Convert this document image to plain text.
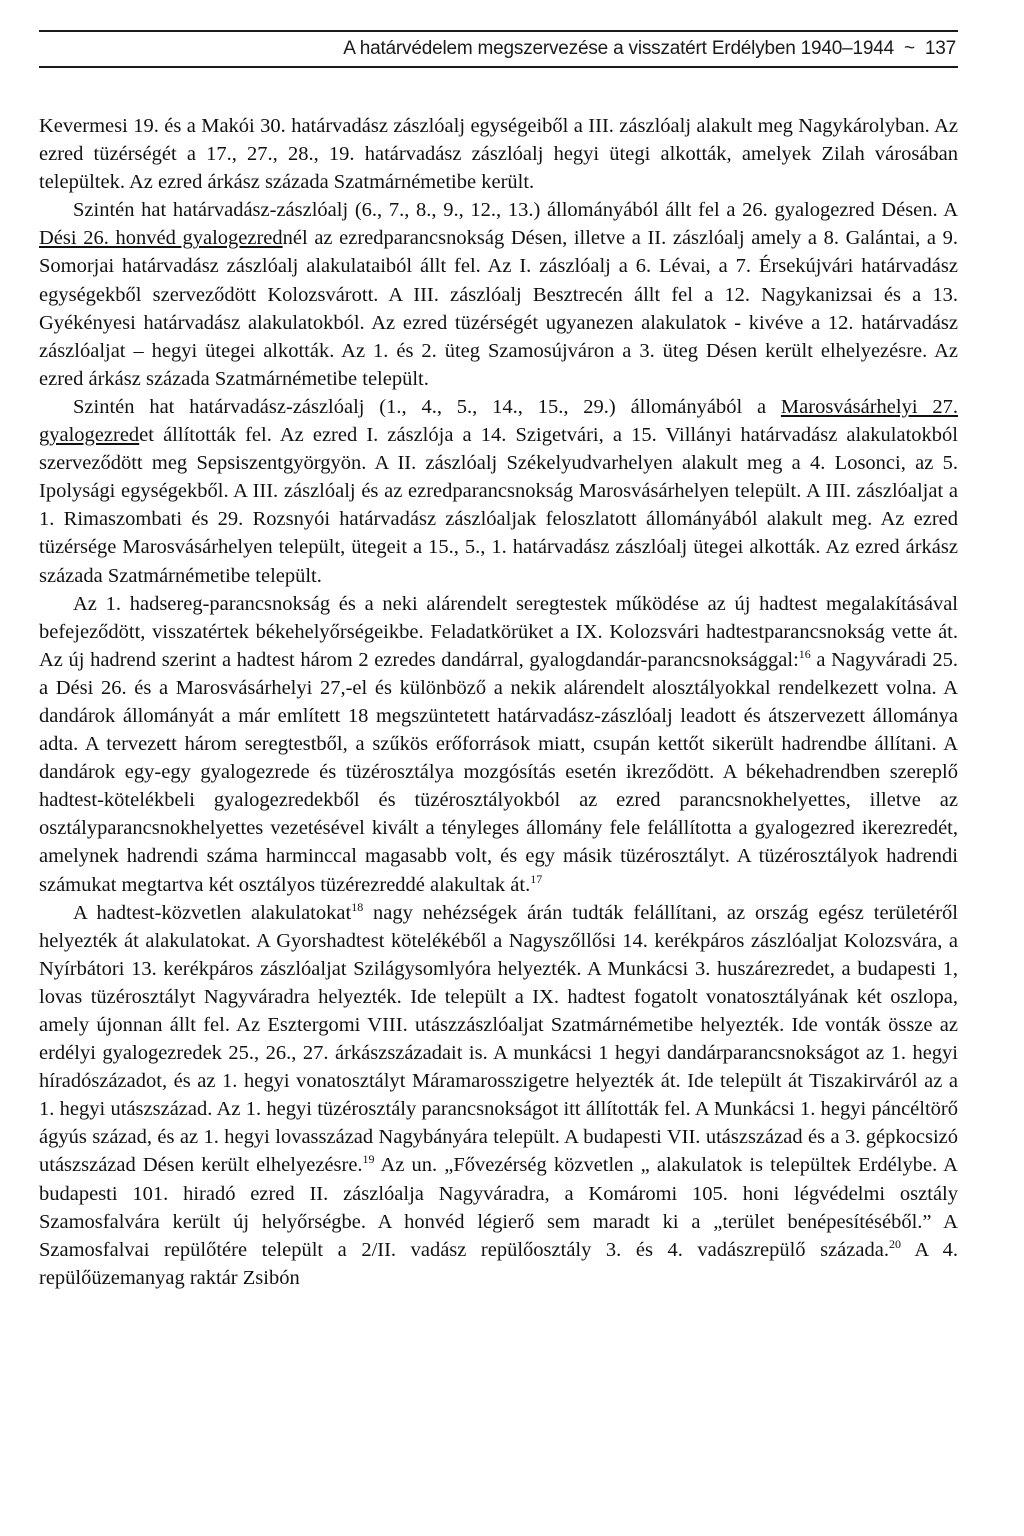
A határvédelem megszervezése a visszatért Erdélyben 1940–1944 ~ 137

Kevermesi 19. és a Makói 30. határvadász zászlóalj egységeiből a III. zászlóalj alakult meg Nagykárolyban. Az ezred tüzérségét a 17., 27., 28., 19. határvadász zászlóalj hegyi ütegi alkották, amelyek Zilah városában települtek. Az ezred árkász százada Szatmárnémetibe került.

Szintén hat határvadász-zászlóalj (6., 7., 8., 9., 12., 13.) állományából állt fel a 26. gyalogezred Désen. A Dési 26. honvéd gyalogezrednél az ezredparancsnokság Désen, illetve a II. zászlóalj amely a 8. Galántai, a 9. Somorjai határvadász zászlóalj alakulataiból állt fel. Az I. zászlóalj a 6. Lévai, a 7. Érsekújvári határvadász egységekből szerveződött Kolozsvárott. A III. zászlóalj Besztrecén állt fel a 12. Nagykanizsai és a 13. Gyékényesi határvadász alakulatokból. Az ezred tüzérségét ugyanezen alakulatok - kivéve a 12. határvadász zászlóaljat – hegyi ütegei alkották. Az 1. és 2. üteg Szamosújváron a 3. üteg Désen került elhelyezésre. Az ezred árkász százada Szatmárnémetibe települt.

Szintén hat határvadász-zászlóalj (1., 4., 5., 14., 15., 29.) állományából a Marosvásárhelyi 27. gyalogezredet állították fel. Az ezred I. zászlója a 14. Szigetvári, a 15. Villányi határvadász alakulatokból szerveződött meg Sepsiszentgyörgyön. A II. zászlóalj Székelyudvarhelyen alakult meg a 4. Losonci, az 5. Ipolysági egységekből. A III. zászlóalj és az ezredparancsnokság Marosvásárhelyen települt. A III. zászlóaljat a 1. Rimaszombati és 29. Rozsnyói határvadász zászlóaljak feloszlatott állományából alakult meg. Az ezred tüzérsége Marosvásárhelyen települt, ütegeit a 15., 5., 1. határvadász zászlóalj ütegei alkották. Az ezred árkász százada Szatmárnémetibe települt.

Az 1. hadsereg-parancsnokság és a neki alárendelt seregtestek működése az új hadtest megalakításával befejeződött, visszatértek békehelyőrségeikbe. Feladatkörüket a IX. Kolozsvári hadtestparancsnokság vette át. Az új hadrend szerint a hadtest három 2 ezredes dandárral, gyalogdandár-parancsnoksággal:$^{16}$ a Nagyváradi 25. a Dési 26. és a Marosvásárhelyi 27,-el és különböző a nekik alárendelt alosztályokkal rendelkezett volna. A dandárok állományát a már említett 18 megszüntetett határvadász-zászlóalj leadott és átszervezett állománya adta. A tervezett három seregtestből, a szűkös erőforrások miatt, csupán kettőt sikerült hadrendbe állítani. A dandárok egy-egy gyalogezrede és tüzérosztálya mozgósítás esetén ikreződött. A békehadrendben szereplő hadtest-kötelékbeli gyalogezredekből és tüzérosztályokból az ezred parancsnokhelyettes, illetve az osztályparancsnokhelyettes vezetésével kivált a tényleges állomány fele felállította a gyalogezred ikerezredét, amelynek hadrendi száma harminccal magasabb volt, és egy másik tüzérosztályt. A tüzérosztályok hadrendi számukat megtartva két osztályos tüzérezreddé alakultak át.$^{17}$

A hadtest-közvetlen alakulatokat$^{18}$ nagy nehézségek árán tudták felállítani, az ország egész területéről helyezték át alakulatokat. A Gyorshadtest kötelékéből a Nagyszőllősi 14. kerékpáros zászlóaljat Kolozsvára, a Nyírbátori 13. kerékpáros zászlóaljat Szilágysomlyóra helyezték. A Munkácsi 3. huszárezredet, a budapesti 1, lovas tüzérosztályt Nagyváradra helyezték. Ide települt a IX. hadtest fogatolt vonatosztályának két oszlopa, amely újonnan állt fel. Az Esztergomi VIII. utászzászlóaljat Szatmárnémetibe helyezték. Ide vonták össze az erdélyi gyalogezredek 25., 26., 27. árkászszázadait is. A munkácsi 1 hegyi dandárparancsnokságot az 1. hegyi híradószázadot, és az 1. hegyi vonatosztályt Máramarosszigetre helyezték át. Ide települt át Tiszakirváról az a 1. hegyi utászszázad. Az 1. hegyi tüzérosztály parancsnokságot itt állították fel. A Munkácsi 1. hegyi páncéltörő ágyús század, és az 1. hegyi lovasszázad Nagybányára települt. A budapesti VII. utászszázad és a 3. gépkocsizó utászszázad Désen került elhelyezésre.$^{19}$ Az un. „Fővezérség közvetlen „ alakulatok is települtek Erdélybe. A budapesti 101. hiradó ezred II. zászlóalja Nagyváradra, a Komáromi 105. honi légvédelmi osztály Szamosfalvára került új helyőrségbe. A honvéd légierő sem maradt ki a „terület benépesítéséből.” A Szamosfalvai repülőtére települt a 2/II. vadász repülőosztály 3. és 4. vadászrepülő százada.$^{20}$ A 4. repülőüzemanyag raktár Zsibón
